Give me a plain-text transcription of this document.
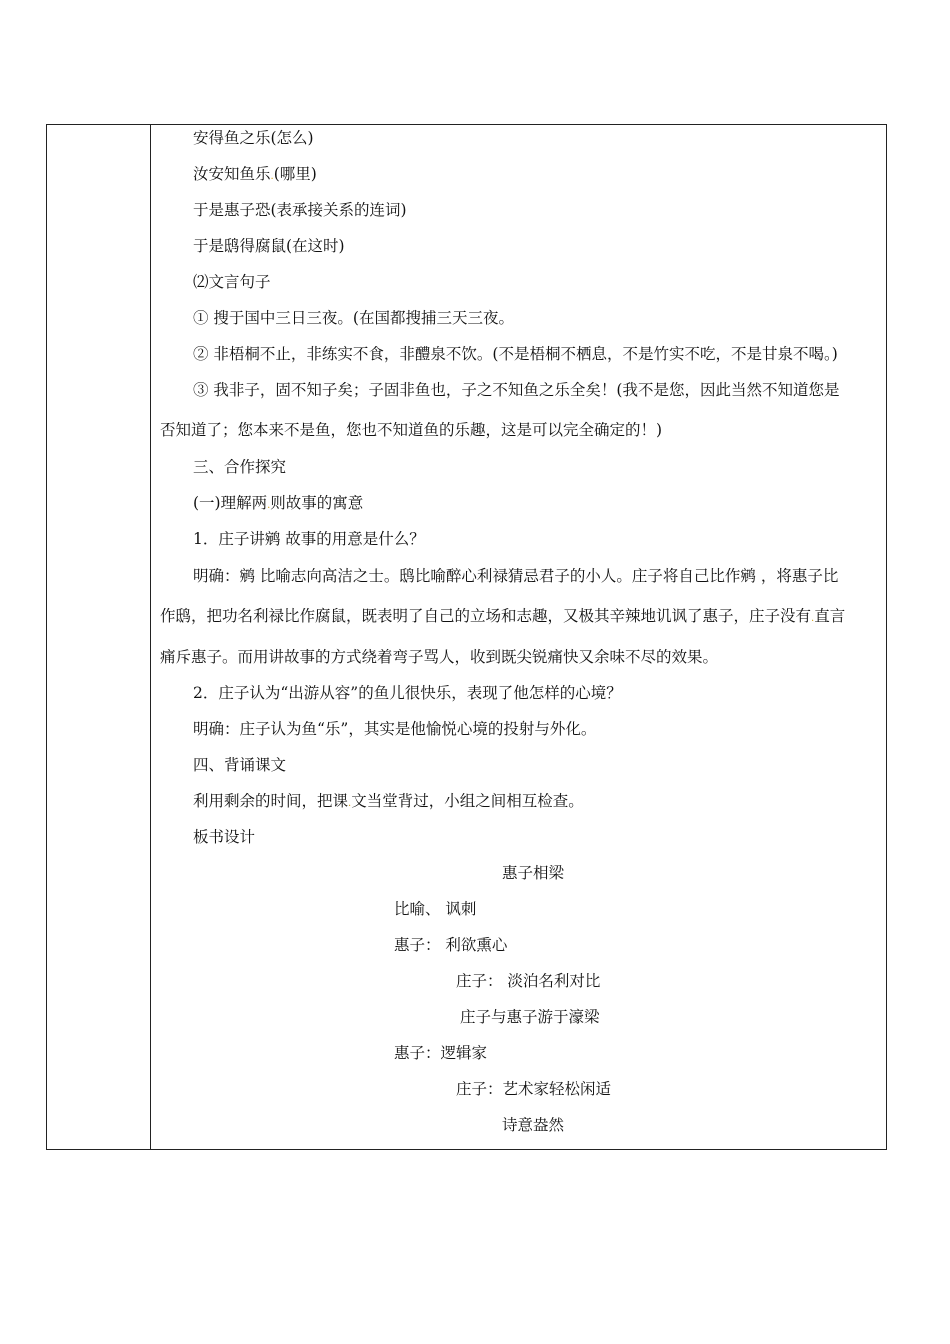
安得鱼之乐(怎么)
汝安知鱼乐.(哪里)
于是惠子恐(表承接关系的连词)
于是鸱得腐鼠(在这时)
⑵文言句子
① 搜于国中三日三夜。(在国都搜捕三天三夜。
② 非梧桐不止，非练实不食，非醴泉不饮。(不是梧桐不栖息，不是竹实不吃，不是甘泉不喝。)
③ 我非子，固不知子矣；子固非鱼也，子之不知鱼之乐全矣！(我不是您，因此当然不知道您是
否知道了；您本来不是鱼，您也不知道鱼的乐趣，这是可以完全确定的！)
三、合作探究
(一)理解两.则故事的寓意
1．庄子讲鹓 故事的用意是什么？
明确：鹓 比喻志向高洁之士。鸱比喻醉心利禄猜忌君子的小人。庄子将自己比作鹓 ，将惠子比
作鸱，把功名利禄比作腐鼠，既表明了自己的立场和志趣，又极其辛辣地讥讽了惠子，庄子没有.直言
痛斥惠子。而用讲故事的方式绕着弯子骂人，收到既尖锐痛快又余味不尽的效果。
2．庄子认为“出游从容”的鱼儿很快乐，表现了他怎样的心境？
明确：庄子认为鱼“乐”，其实是他愉悦心境的投射与外化。
四、背诵课文
利用剩余的时间，把课.文当堂背过，小组之间相互检查。
板书设计
惠子相梁
比喻、 讽刺
惠子： 利欲熏心
庄子： 淡泊名利对比
庄子与惠子游于濠梁
惠子：逻辑家
庄子：艺术家轻松闲适
诗意盎然
